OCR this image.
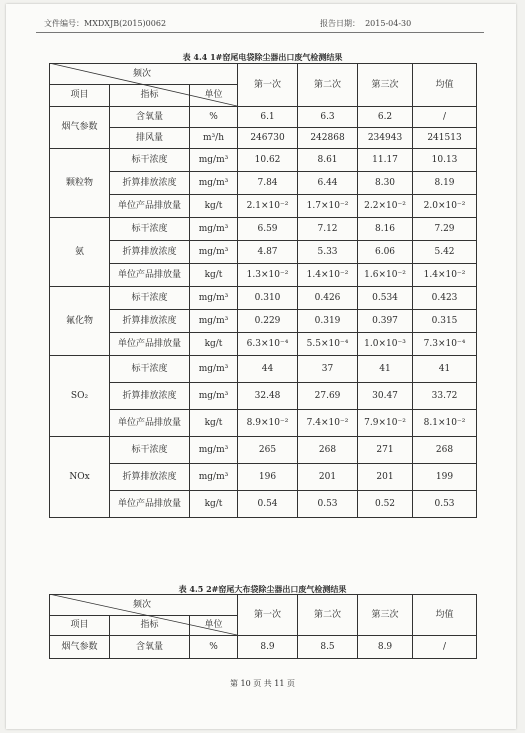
文件编号：MXDXJB(2015)0062	报告日期： 2015-04-30
表 4.4 1#窑尾电袋除尘器出口废气检测结果
频次			第一次	第二次	第三次	均值
项目	指标	单位				
烟气参数	含氧量	%	6.1	6.3	6.2	/
	排风量	m³/h	246730	242868	234943	241513
颗粒物	标干浓度	mg/m³	10.62	8.61	11.17	10.13
	折算排放浓度	mg/m³	7.84	6.44	8.30	8.19
	单位产品排放量	kg/t	2.1×10⁻²	1.7×10⁻²	2.2×10⁻²	2.0×10⁻²
氨	标干浓度	mg/m³	6.59	7.12	8.16	7.29
	折算排放浓度	mg/m³	4.87	5.33	6.06	5.42
	单位产品排放量	kg/t	1.3×10⁻²	1.4×10⁻²	1.6×10⁻²	1.4×10⁻²
氟化物	标干浓度	mg/m³	0.310	0.426	0.534	0.423
	折算排放浓度	mg/m³	0.229	0.319	0.397	0.315
	单位产品排放量	kg/t	6.3×10⁻⁴	5.5×10⁻⁴	1.0×10⁻³	7.3×10⁻⁴
SO₂	标干浓度	mg/m³	44	37	41	41
	折算排放浓度	mg/m³	32.48	27.69	30.47	33.72
	单位产品排放量	kg/t	8.9×10⁻²	7.4×10⁻²	7.9×10⁻²	8.1×10⁻²
NOx	标干浓度	mg/m³	265	268	271	268
	折算排放浓度	mg/m³	196	201	201	199
	单位产品排放量	kg/t	0.54	0.53	0.52	0.53
表 4.5 2#窑尾大布袋除尘器出口废气检测结果
频次			第一次	第二次	第三次	均值
项目	指标	单位				
烟气参数	含氧量	%	8.9	8.5	8.9	/
第 10 页 共 11 页
